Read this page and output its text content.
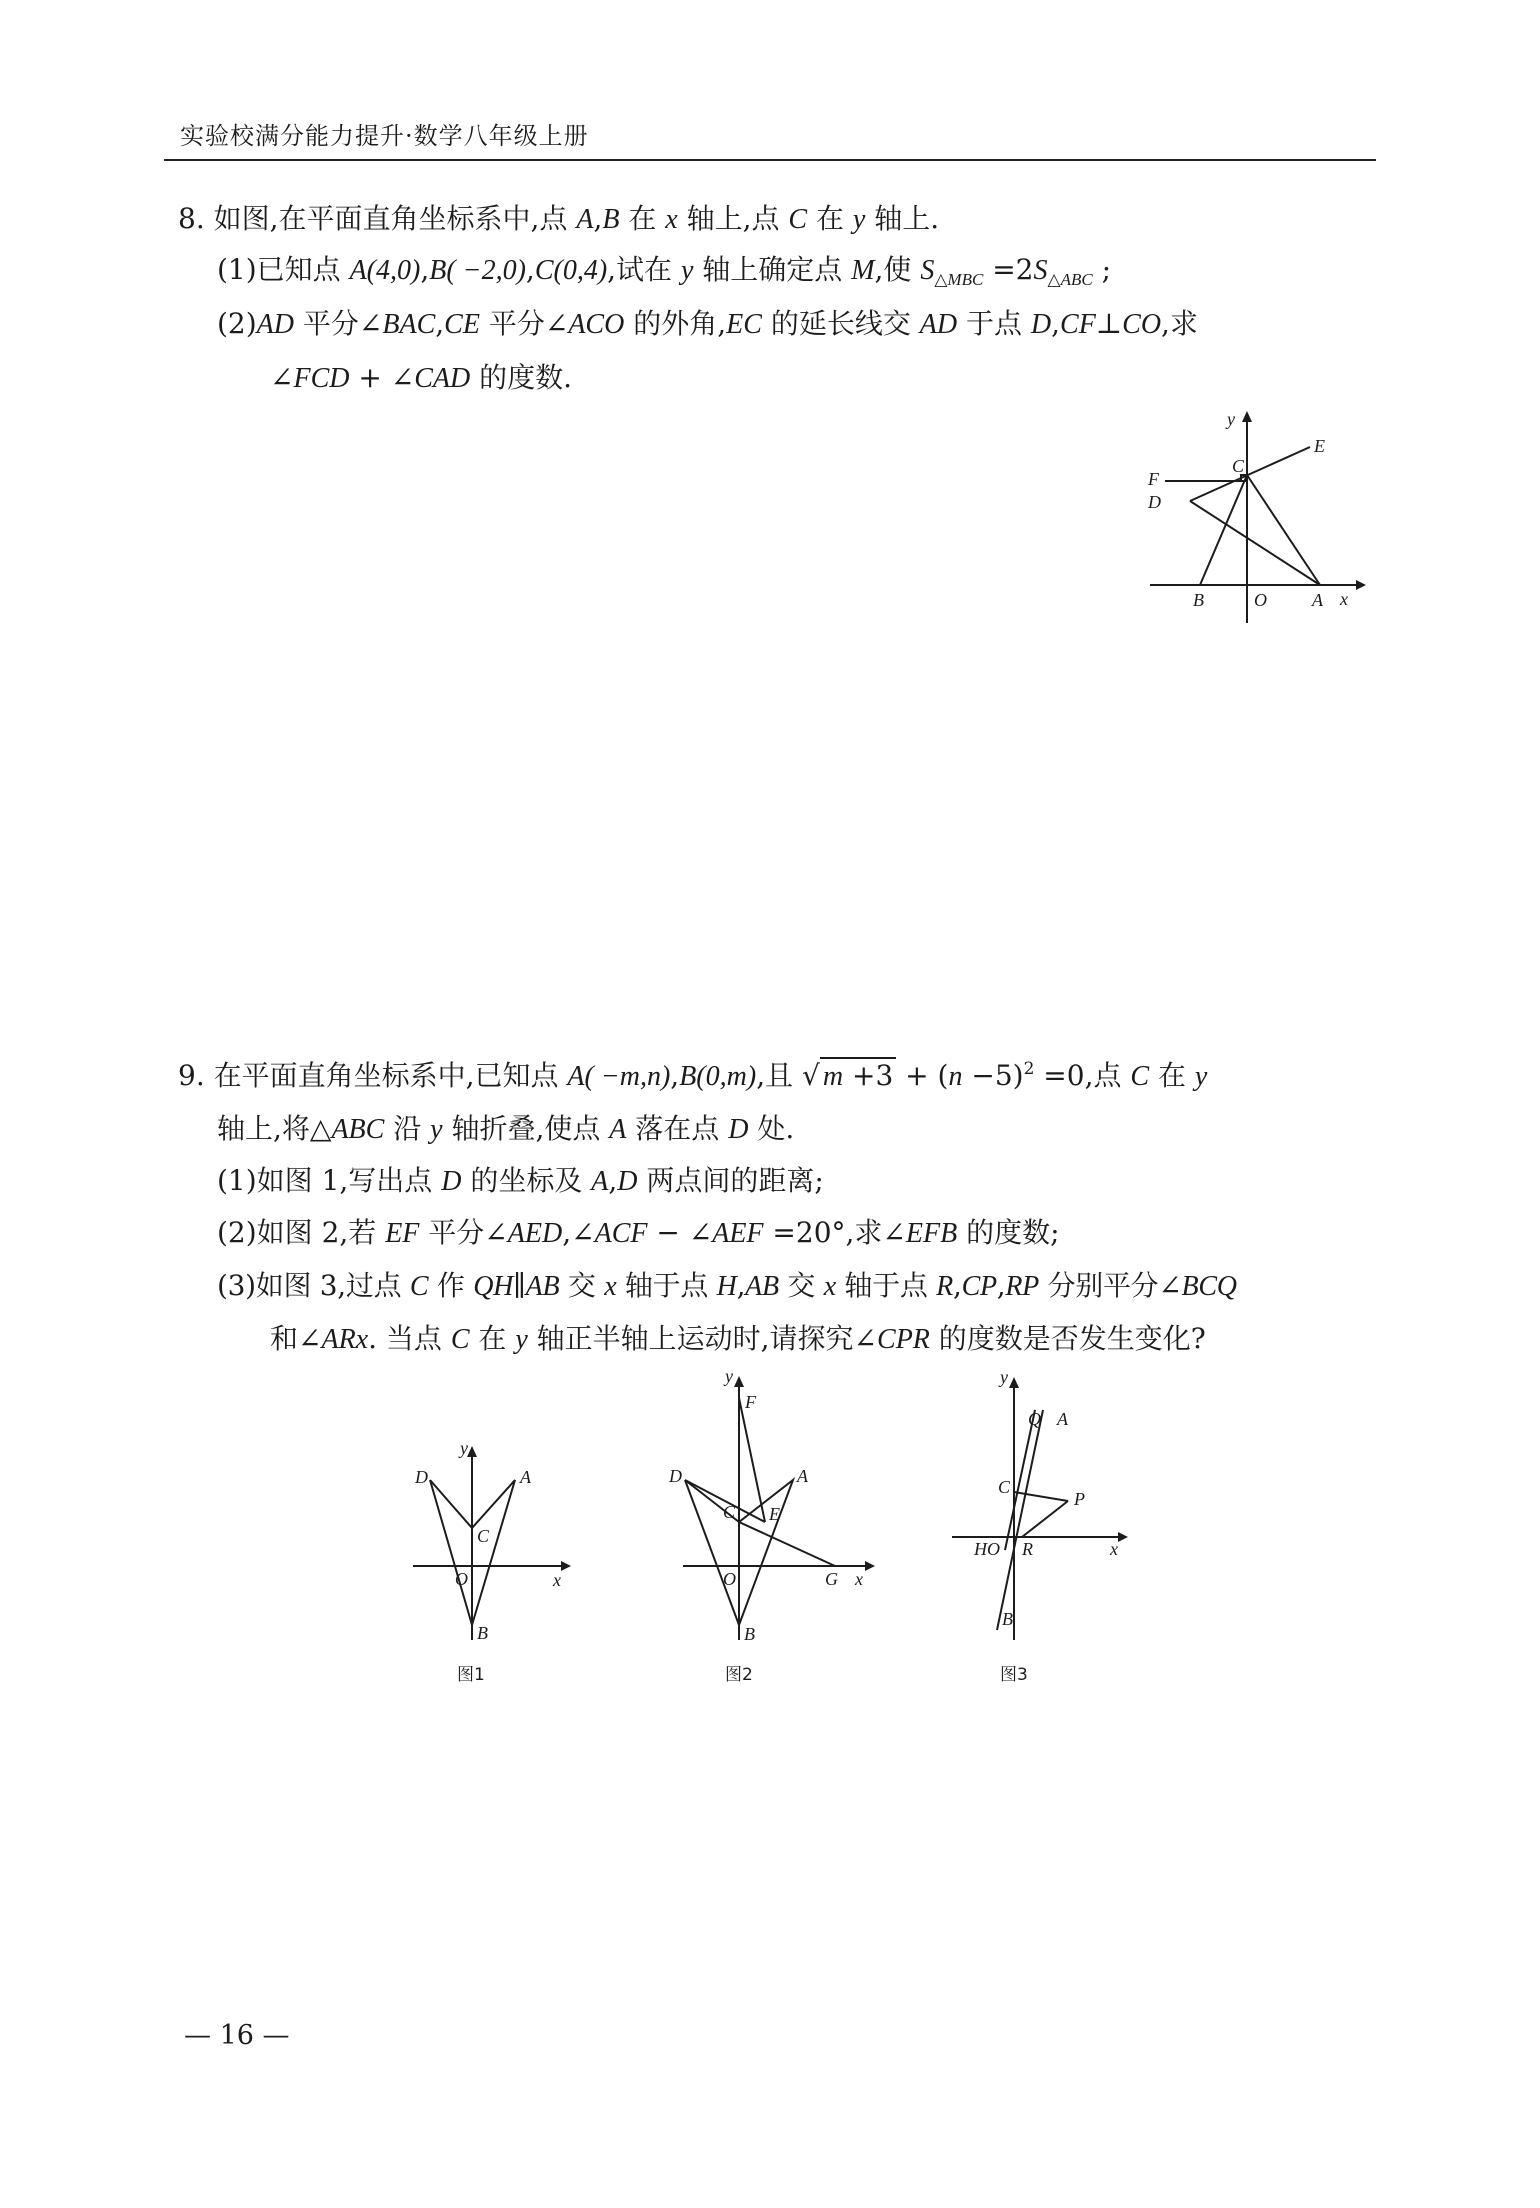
实验校满分能力提升·数学八年级上册
8. 如图,在平面直角坐标系中,点 A,B 在 x 轴上,点 C 在 y 轴上.
(1)已知点 A(4,0),B( −2,0),C(0,4),试在 y 轴上确定点 M,使 $S_{\triangle MBC} =2S_{\triangle ABC}$ ;
(2)AD 平分∠BAC,CE 平分∠ACO 的外角,EC 的延长线交 AD 于点 D,CF⊥CO,求
∠FCD + ∠CAD 的度数.
y
C
E
F
D
B	O	A x
9. 在平面直角坐标系中,已知点 A( −m,n),B(0,m),且 √ $m +3 + (n -5)^2 =0$,点 C 在 y
轴上,将△ABC 沿 y 轴折叠,使点 A 落在点 D 处.
(1)如图 1,写出点 D 的坐标及 A,D 两点间的距离;
(2)如图 2,若 EF 平分∠AED,∠ACF − ∠AEF =20°,求∠EFB 的度数;
(3)如图 3,过点 C 作 QH∥AB 交 x 轴于点 H,AB 交 x 轴于点 R,CP,RP 分别平分∠BCQ
和∠ARx. 当点 C 在 y 轴正半轴上运动时,请探究∠CPR 的度数是否发生变化?
y
D	A
C
O	x
B
图1
y
F
D	A
C E
O	G x
B
图2
y
Q A
C
P
HO R	x
B
图3
— 16 —
